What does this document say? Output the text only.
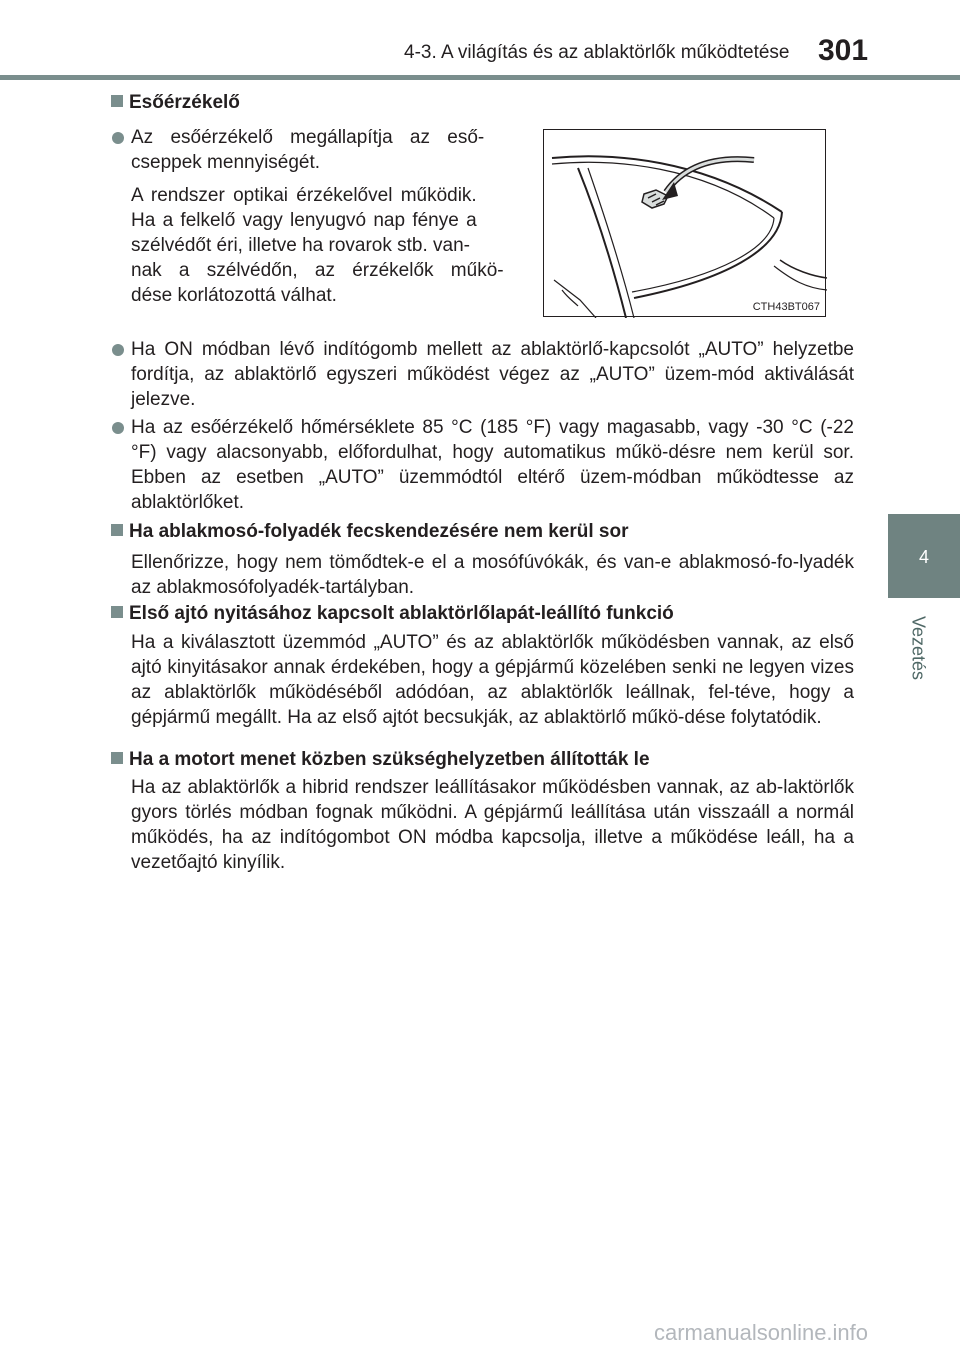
4-3. A világítás és az ablaktörlők működtetése 301
4
Vezetés
Esőérzékelő
Az esőérzékelő megállapítja az eső-
cseppek mennyiségét.
A rendszer optikai érzékelővel működik.
Ha a felkelő vagy lenyugvó nap fénye a
szélvédőt éri, illetve ha rovarok stb. van-
nak a szélvédőn, az érzékelők műkö-
dése korlátozottá válhat.
CTH43BT067
Ha ON módban lévő indítógomb mellett az ablaktörlő-kapcsolót „AUTO” helyzetbe fordítja, az ablaktörlő egyszeri működést végez az „AUTO” üzem-mód aktiválását jelezve.
Ha az esőérzékelő hőmérséklete 85 °C (185 °F) vagy magasabb, vagy -30 °C (-22 °F) vagy alacsonyabb, előfordulhat, hogy automatikus műkö-désre nem kerül sor. Ebben az esetben „AUTO” üzemmódtól eltérő üzem-módban működtesse az ablaktörlőket.
Ha ablakmosó-folyadék fecskendezésére nem kerül sor
Ellenőrizze, hogy nem tömődtek-e el a mosófúvókák, és van-e ablakmosó-fo-lyadék az ablakmosófolyadék-tartályban.
Első ajtó nyitásához kapcsolt ablaktörlőlapát-leállító funkció
Ha a kiválasztott üzemmód „AUTO” és az ablaktörlők működésben vannak, az első ajtó kinyitásakor annak érdekében, hogy a gépjármű közelében senki ne legyen vizes az ablaktörlők működéséből adódóan, az ablaktörlők leállnak, fel-téve, hogy a gépjármű megállt. Ha az első ajtót becsukják, az ablaktörlő műkö-dése folytatódik.
Ha a motort menet közben szükséghelyzetben állították le
Ha az ablaktörlők a hibrid rendszer leállításakor működésben vannak, az ab-laktörlők gyors törlés módban fognak működni. A gépjármű leállítása után visszaáll a normál működés, ha az indítógombot ON módba kapcsolja, illetve a működése leáll, ha a vezetőajtó kinyílik.
carmanualsonline.info
